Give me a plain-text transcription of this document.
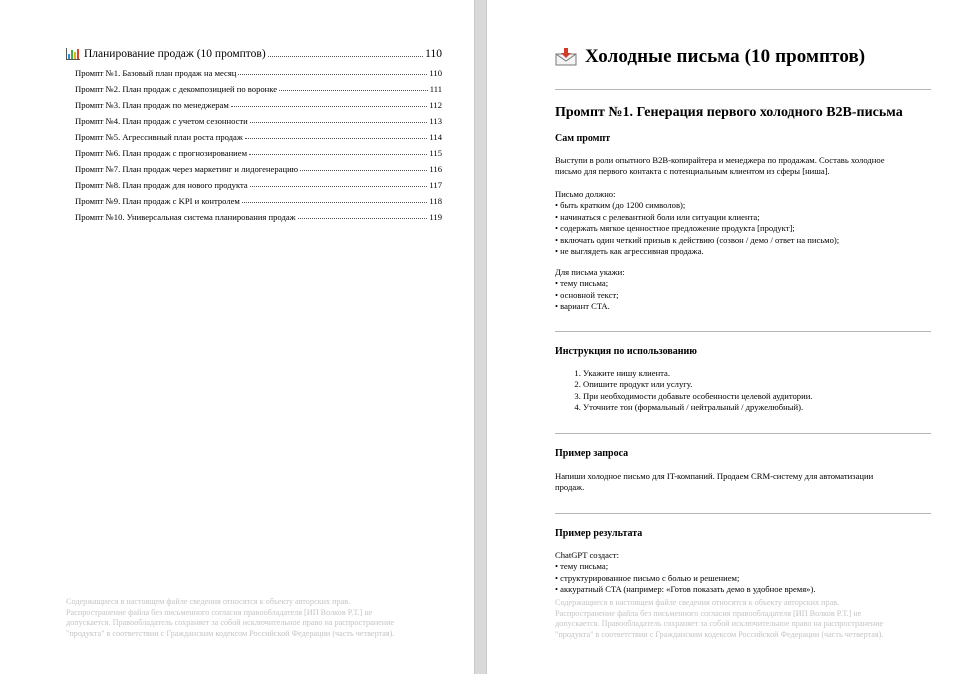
Планирование продаж (10 промптов)	110
Промпт №1. Базовый план продаж на месяц	110
Промпт №2. План продаж с декомпозицией по воронке	111
Промпт №3. План продаж по менеджерам	112
Промпт №4. План продаж с учетом сезонности	113
Промпт №5. Агрессивный план роста продаж	114
Промпт №6. План продаж с прогнозированием	115
Промпт №7. План продаж через маркетинг и лидогенерацию	116
Промпт №8. План продаж для нового продукта	117
Промпт №9. План продаж с KPI и контролем	118
Промпт №10. Универсальная система планирования продаж	119
Содержащиеся в настоящем файле сведения относятся к объекту авторских прав.
Распространение файла без письменного согласия правообладателя [ИП Волков Р.Т.] не
допускается. Правообладатель сохраняет за собой исключительное право на распространение
"продукта" в соответствии с Гражданским кодексом Российской Федерации (часть четвертая).
Холодные письма (10 промптов)
Промпт №1. Генерация первого холодного B2B-письма
Сам промпт
Выступи в роли опытного B2B-копирайтера и менеджера по продажам. Составь холодное
письмо для первого контакта с потенциальным клиентом из сферы [ниша].
Письмо должно:
• быть кратким (до 1200 символов);
• начинаться с релевантной боли или ситуации клиента;
• содержать мягкое ценностное предложение продукта [продукт];
• включать один четкий призыв к действию (созвон / демо / ответ на письмо);
• не выглядеть как агрессивная продажа.
Для письма укажи:
• тему письма;
• основной текст;
• вариант CTA.
Инструкция по использованию
1. Укажите нишу клиента.
2. Опишите продукт или услугу.
3. При необходимости добавьте особенности целевой аудитории.
4. Уточните тон (формальный / нейтральный / дружелюбный).
Пример запроса
Напиши холодное письмо для IT-компаний. Продаем CRM-систему для автоматизации
продаж.
Пример результата
ChatGPT создаст:
• тему письма;
• структурированное письмо с болью и решением;
• аккуратный CTA (например: «Готов показать демо в удобное время»).
Содержащиеся в настоящем файле сведения относятся к объекту авторских прав.
Распространение файла без письменного согласия правообладателя [ИП Волков Р.Т.] не
допускается. Правообладатель сохраняет за собой исключительное право на распространение
"продукта" в соответствии с Гражданским кодексом Российской Федерации (часть четвертая).
